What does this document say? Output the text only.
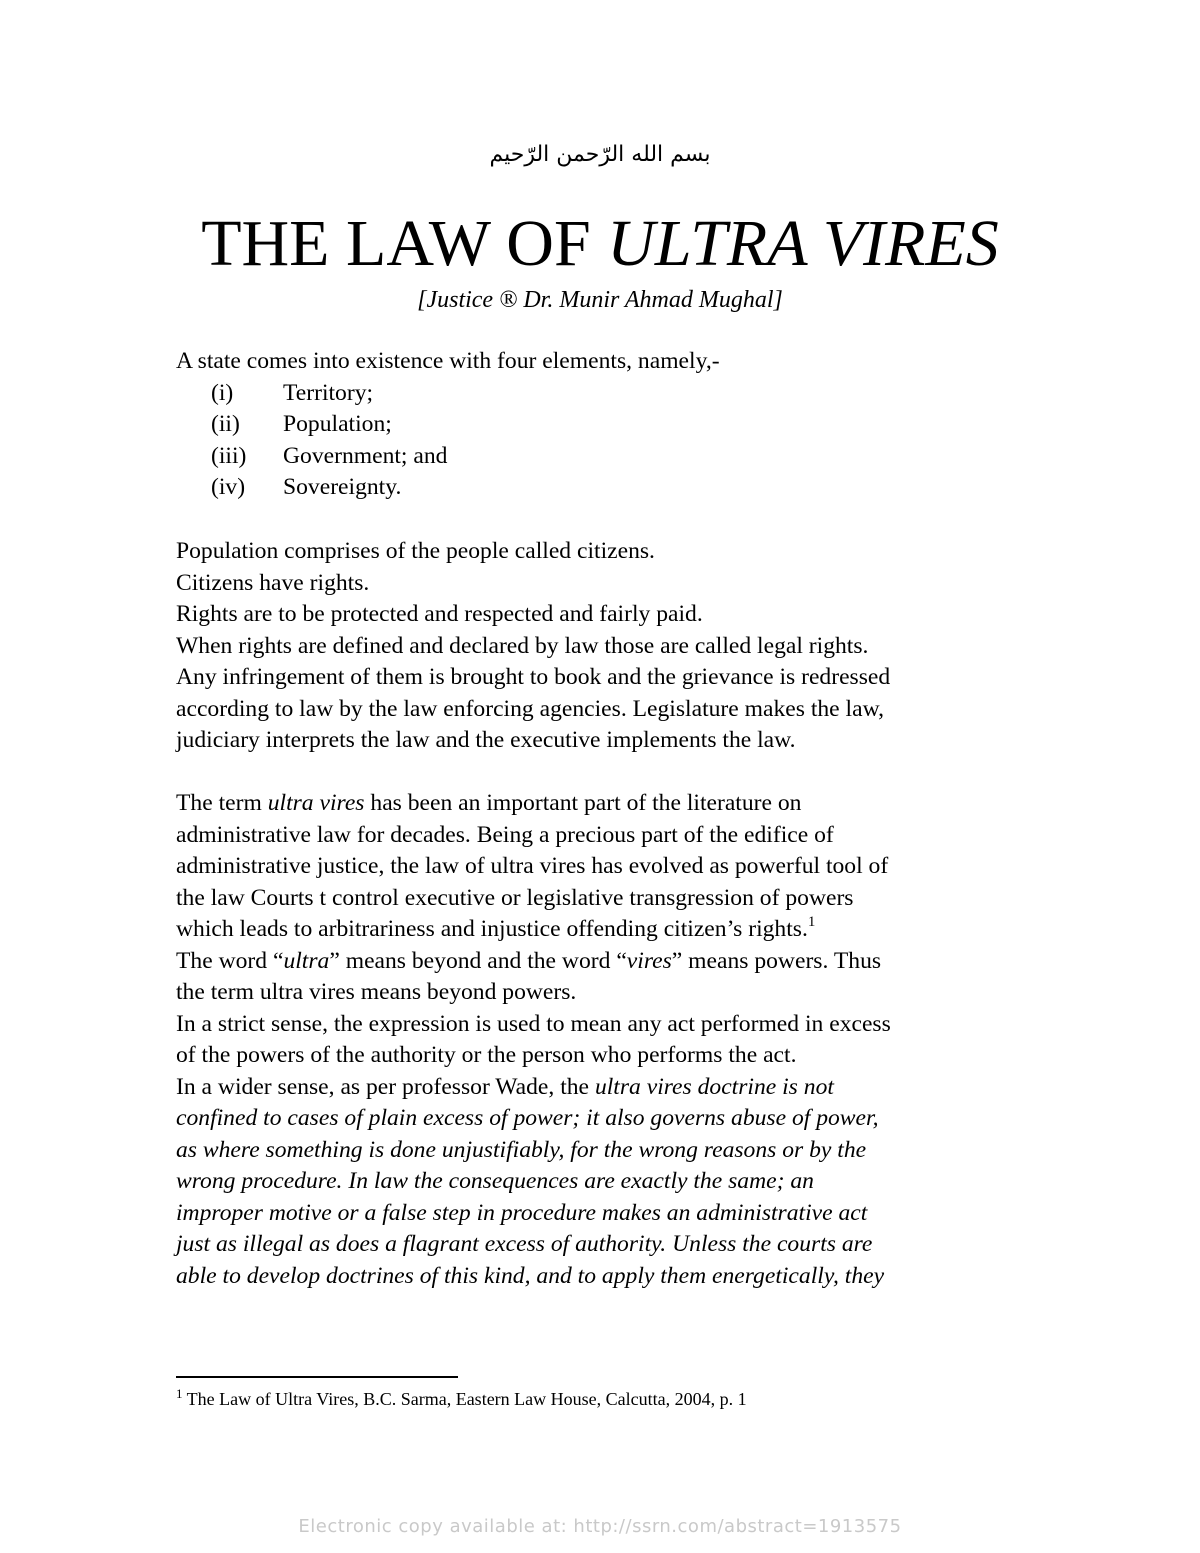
بسم الله الرّحمن الرّحيم
THE LAW OF ULTRA VIRES
[Justice ® Dr. Munir Ahmad Mughal]
A state comes into existence with four elements, namely,-
(i) Territory;
(ii) Population;
(iii) Government; and
(iv) Sovereignty.
Population comprises of the people called citizens.
Citizens have rights.
Rights are to be protected and respected and fairly paid.
When rights are defined and declared by law those are called legal rights.
Any infringement of them is brought to book and the grievance is redressed
according to law by the law enforcing agencies. Legislature makes the law,
judiciary interprets the law and the executive implements the law.
The term ultra vires has been an important part of the literature on
administrative law for decades. Being a precious part of the edifice of
administrative justice, the law of ultra vires has evolved as powerful tool of
the law Courts t control executive or legislative transgression of powers
which leads to arbitrariness and injustice offending citizen’s rights.$^1$
The word “ultra” means beyond and the word “vires” means powers. Thus
the term ultra vires means beyond powers.
In a strict sense, the expression is used to mean any act performed in excess
of the powers of the authority or the person who performs the act.
In a wider sense, as per professor Wade, the ultra vires doctrine is not
confined to cases of plain excess of power; it also governs abuse of power,
as where something is done unjustifiably, for the wrong reasons or by the
wrong procedure. In law the consequences are exactly the same; an
improper motive or a false step in procedure makes an administrative act
just as illegal as does a flagrant excess of authority. Unless the courts are
able to develop doctrines of this kind, and to apply them energetically, they
$^1$ The Law of Ultra Vires, B.C. Sarma, Eastern Law House, Calcutta, 2004, p. 1
Electronic copy available at: http://ssrn.com/abstract=1913575
